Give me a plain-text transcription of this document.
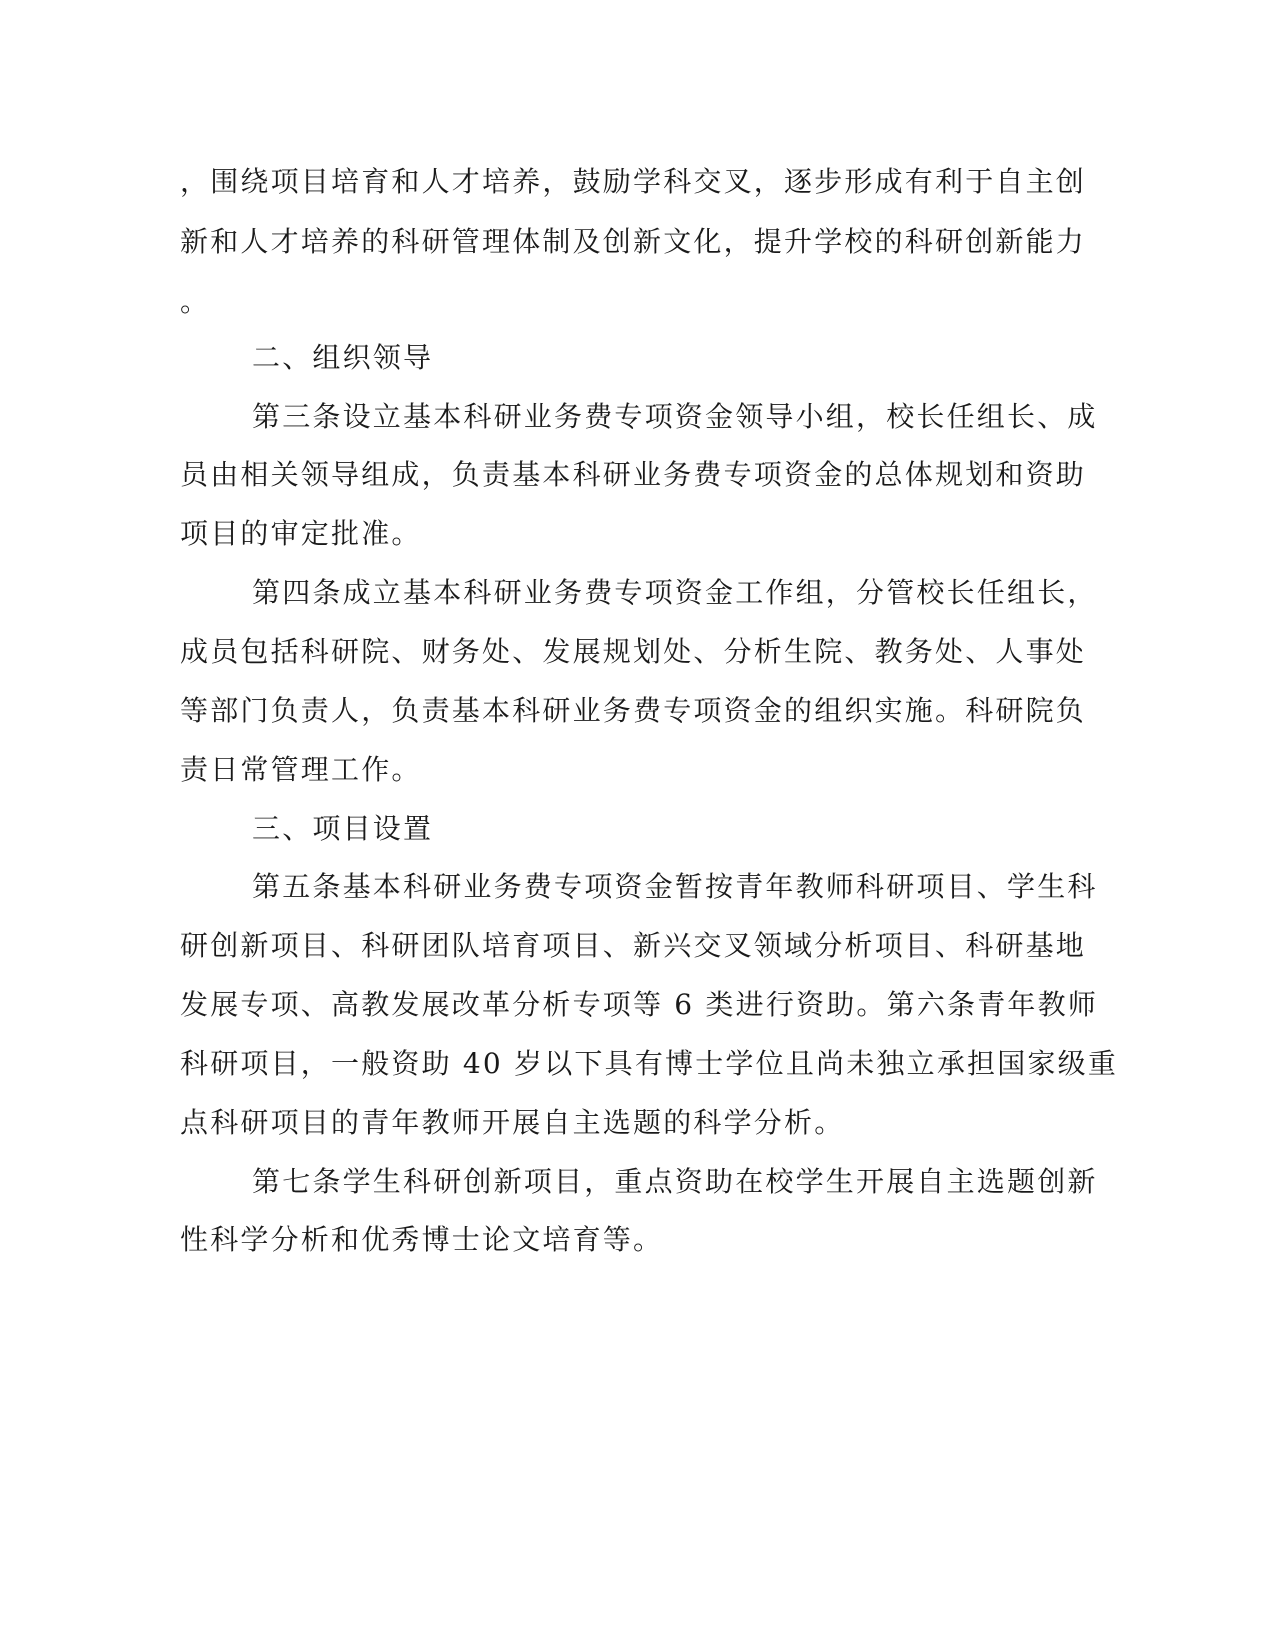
，围绕项目培育和人才培养，鼓励学科交叉，逐步形成有利于自主创
新和人才培养的科研管理体制及创新文化，提升学校的科研创新能力
。
二、组织领导
第三条设立基本科研业务费专项资金领导小组，校长任组长、成
员由相关领导组成，负责基本科研业务费专项资金的总体规划和资助
项目的审定批准。
第四条成立基本科研业务费专项资金工作组，分管校长任组长，
成员包括科研院、财务处、发展规划处、分析生院、教务处、人事处
等部门负责人，负责基本科研业务费专项资金的组织实施。科研院负
责日常管理工作。
三、项目设置
第五条基本科研业务费专项资金暂按青年教师科研项目、学生科
研创新项目、科研团队培育项目、新兴交叉领域分析项目、科研基地
发展专项、高教发展改革分析专项等 6 类进行资助。第六条青年教师
科研项目，一般资助 40 岁以下具有博士学位且尚未独立承担国家级重
点科研项目的青年教师开展自主选题的科学分析。
第七条学生科研创新项目，重点资助在校学生开展自主选题创新
性科学分析和优秀博士论文培育等。
